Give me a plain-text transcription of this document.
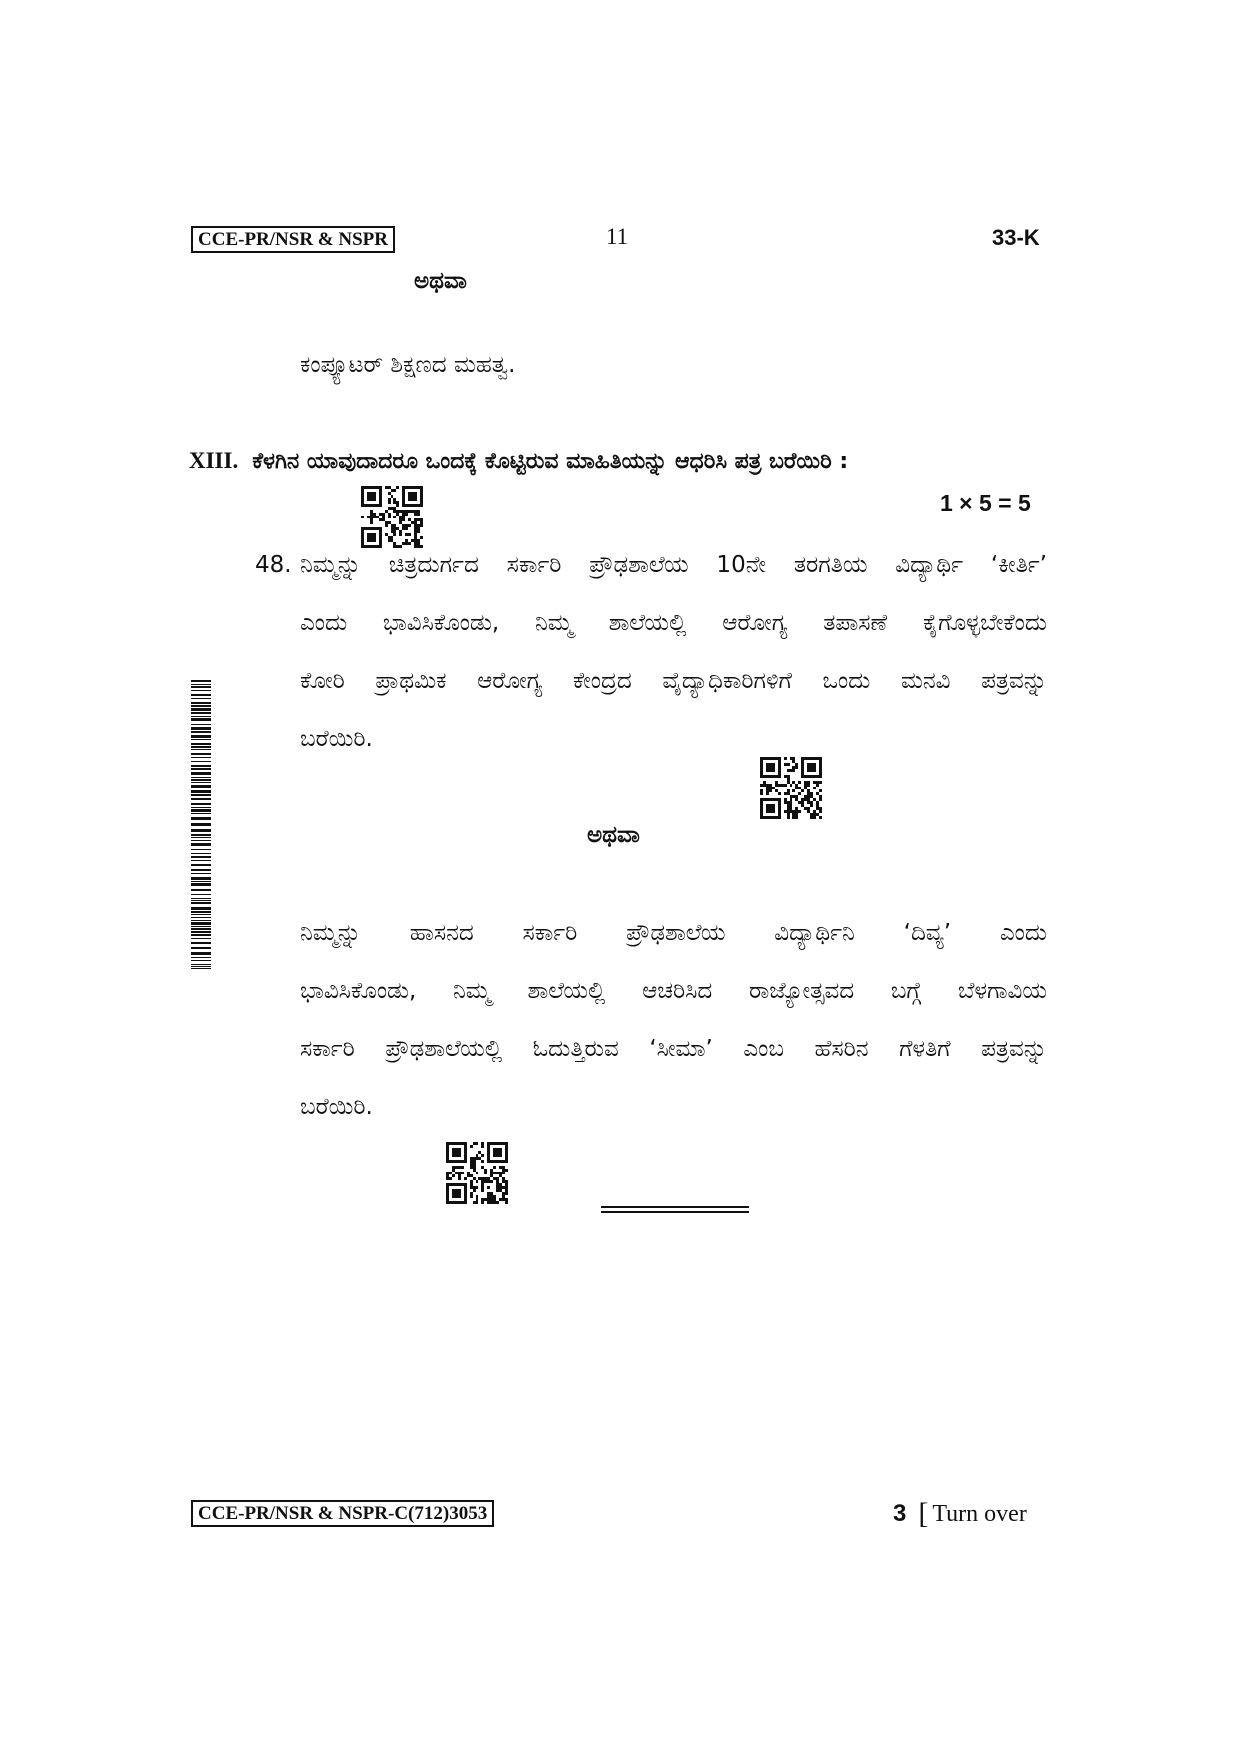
CCE-PR/NSR & NSPR	11	33-K
ಅಥವಾ
ಕಂಪ್ಯೂಟರ್ ಶಿಕ್ಷಣದ ಮಹತ್ವ.
XIII. ಕೆಳಗಿನ ಯಾವುದಾದರೂ ಒಂದಕ್ಕೆ ಕೊಟ್ಟಿರುವ ಮಾಹಿತಿಯನ್ನು ಆಧರಿಸಿ ಪತ್ರ ಬರೆಯಿರಿ :
1 × 5 = 5
48. ನಿಮ್ಮನ್ನು ಚಿತ್ರದುರ್ಗದ ಸರ್ಕಾರಿ ಪ್ರೌಢಶಾಲೆಯ 10ನೇ ತರಗತಿಯ ವಿದ್ಯಾರ್ಥಿ ‘ಕೀರ್ತಿ’
ಎಂದು ಭಾವಿಸಿಕೊಂಡು, ನಿಮ್ಮ ಶಾಲೆಯಲ್ಲಿ ಆರೋಗ್ಯ ತಪಾಸಣೆ ಕೈಗೊಳ್ಳಬೇಕೆಂದು
ಕೋರಿ ಪ್ರಾಥಮಿಕ ಆರೋಗ್ಯ ಕೇಂದ್ರದ ವೈದ್ಯಾಧಿಕಾರಿಗಳಿಗೆ ಒಂದು ಮನವಿ ಪತ್ರವನ್ನು
ಬರೆಯಿರಿ.
ಅಥವಾ
ನಿಮ್ಮನ್ನು ಹಾಸನದ ಸರ್ಕಾರಿ ಪ್ರೌಢಶಾಲೆಯ ವಿದ್ಯಾರ್ಥಿನಿ ‘ದಿವ್ಯ’ ಎಂದು
ಭಾವಿಸಿಕೊಂಡು, ನಿಮ್ಮ ಶಾಲೆಯಲ್ಲಿ ಆಚರಿಸಿದ ರಾಜ್ಯೋತ್ಸವದ ಬಗ್ಗೆ ಬೆಳಗಾವಿಯ
ಸರ್ಕಾರಿ ಪ್ರೌಢಶಾಲೆಯಲ್ಲಿ ಓದುತ್ತಿರುವ ‘ಸೀಮಾ’ ಎಂಬ ಹೆಸರಿನ ಗೆಳತಿಗೆ ಪತ್ರವನ್ನು
ಬರೆಯಿರಿ.
CCE-PR/NSR & NSPR-C(712)3053	3 [ Turn over
